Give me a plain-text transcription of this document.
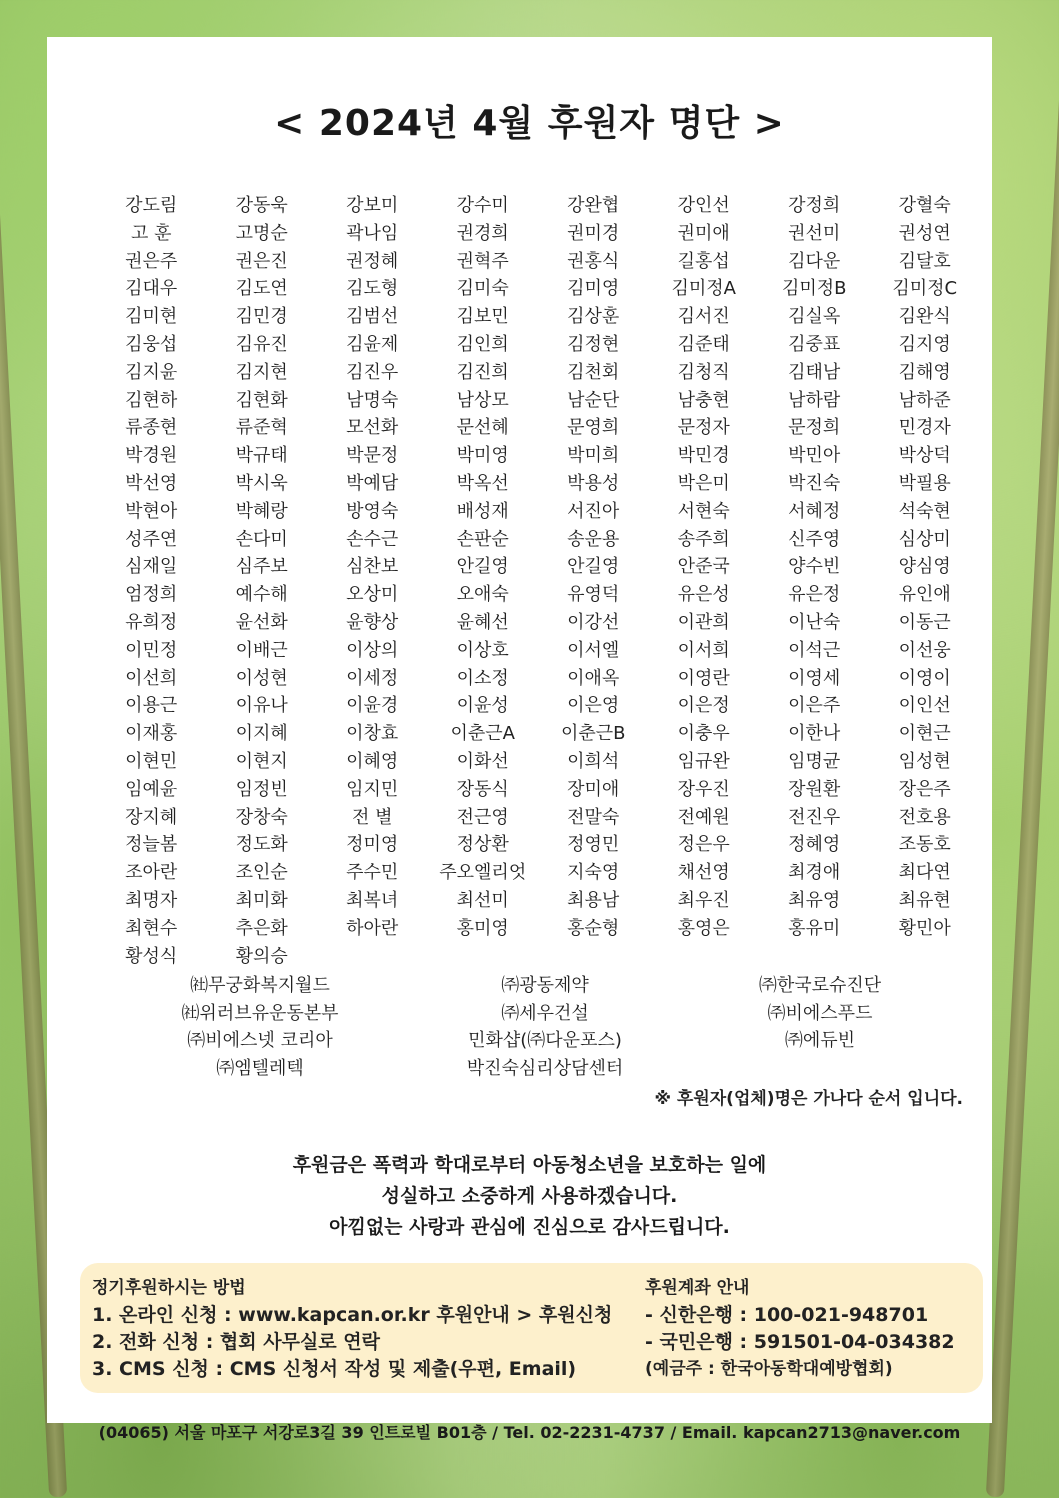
< 2024년 4월 후원자 명단 >
강도림	강동욱	강보미	강수미	강완협	강인선	강정희	강혈숙
고 훈	고명순	곽나임	권경희	권미경	권미애	권선미	권성연
권은주	권은진	권정혜	권혁주	권홍식	길홍섭	김다운	김달호
김대우	김도연	김도형	김미숙	김미영	김미정A	김미정B	김미정C
김미현	김민경	김범선	김보민	김상훈	김서진	김실옥	김완식
김웅섭	김유진	김윤제	김인희	김정현	김준태	김중표	김지영
김지윤	김지현	김진우	김진희	김천회	김청직	김태남	김해영
김현하	김현화	남명숙	남상모	남순단	남충현	남하람	남하준
류종현	류준혁	모선화	문선혜	문영희	문정자	문정희	민경자
박경원	박규태	박문정	박미영	박미희	박민경	박민아	박상덕
박선영	박시욱	박예담	박옥선	박용성	박은미	박진숙	박필용
박현아	박혜랑	방영숙	배성재	서진아	서현숙	서혜정	석숙현
성주연	손다미	손수근	손판순	송운용	송주희	신주영	심상미
심재일	심주보	심찬보	안길영	안길영	안준국	양수빈	양심영
엄정희	예수해	오상미	오애숙	유영덕	유은성	유은정	유인애
유희정	윤선화	윤향상	윤혜선	이강선	이관희	이난숙	이동근
이민정	이배근	이상의	이상호	이서엘	이서희	이석근	이선웅
이선희	이성현	이세정	이소정	이애옥	이영란	이영세	이영이
이용근	이유나	이윤경	이윤성	이은영	이은정	이은주	이인선
이재홍	이지혜	이창효	이춘근A	이춘근B	이충우	이한나	이현근
이현민	이현지	이혜영	이화선	이희석	임규완	임명균	임성현
임예윤	임정빈	임지민	장동식	장미애	장우진	장원환	장은주
장지혜	장창숙	전 별	전근영	전말숙	전예원	전진우	전호용
정늘봄	정도화	정미영	정상환	정영민	정은우	정혜영	조동호
조아란	조인순	주수민	주오엘리엇	지숙영	채선영	최경애	최다연
최명자	최미화	최복녀	최선미	최용남	최우진	최유영	최유현
최현수	추은화	하아란	홍미영	홍순형	홍영은	홍유미	황민아
황성식	황의승
㈳무궁화복지월드	㈜광동제약	㈜한국로슈진단
㈳위러브유운동본부	㈜세우건설	㈜비에스푸드
㈜비에스넷 코리아	민화샵(㈜다운포스)	㈜에듀빈
㈜엠텔레텍	박진숙심리상담센터
※ 후원자(업체)명은 가나다 순서 입니다.
후원금은 폭력과 학대로부터 아동청소년을 보호하는 일에
성실하고 소중하게 사용하겠습니다.
아낌없는 사랑과 관심에 진심으로 감사드립니다.
정기후원하시는 방법
1. 온라인 신청 : www.kapcan.or.kr 후원안내 > 후원신청
2. 전화 신청 : 협회 사무실로 연락
3. CMS 신청 : CMS 신청서 작성 및 제출(우편, Email)
후원계좌 안내
- 신한은행 : 100-021-948701
- 국민은행 : 591501-04-034382
(예금주 : 한국아동학대예방협회)
(04065) 서울 마포구 서강로3길 39 인트로빌 B01층 / Tel. 02-2231-4737 / Email. kapcan2713@naver.com
